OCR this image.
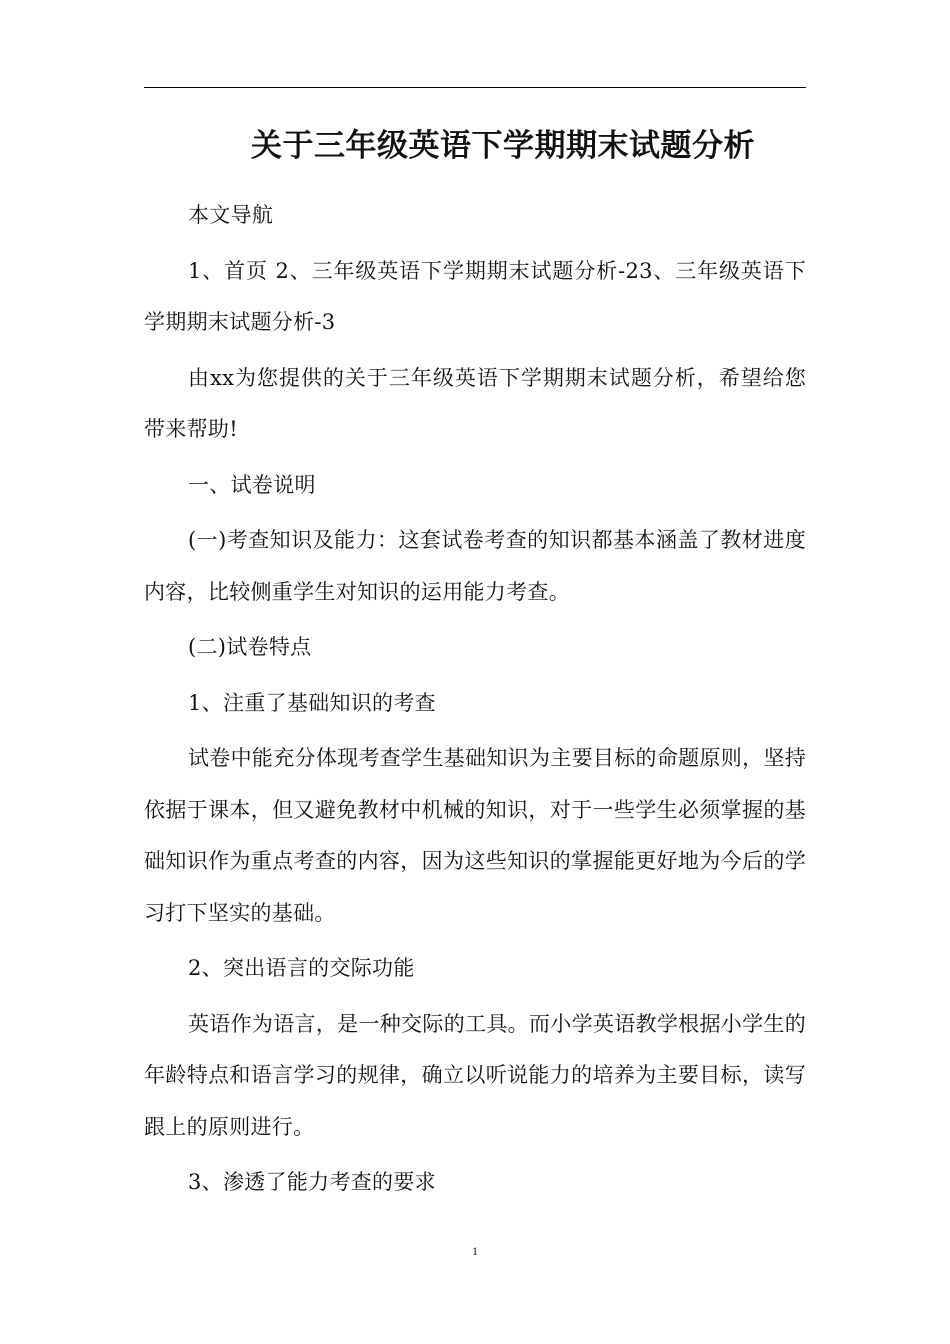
关于三年级英语下学期期末试题分析

本文导航

1、首页 2、三年级英语下学期期末试题分析-23、三年级英语下学期期末试题分析-3

由xx为您提供的关于三年级英语下学期期末试题分析，希望给您带来帮助!

一、试卷说明

(一)考查知识及能力：这套试卷考查的知识都基本涵盖了教材进度内容，比较侧重学生对知识的运用能力考查。

(二)试卷特点

1、注重了基础知识的考查

试卷中能充分体现考查学生基础知识为主要目标的命题原则，坚持依据于课本，但又避免教材中机械的知识，对于一些学生必须掌握的基础知识作为重点考查的内容，因为这些知识的掌握能更好地为今后的学习打下坚实的基础。

2、突出语言的交际功能

英语作为语言，是一种交际的工具。而小学英语教学根据小学生的年龄特点和语言学习的规律，确立以听说能力的培养为主要目标，读写跟上的原则进行。

3、渗透了能力考查的要求

1
